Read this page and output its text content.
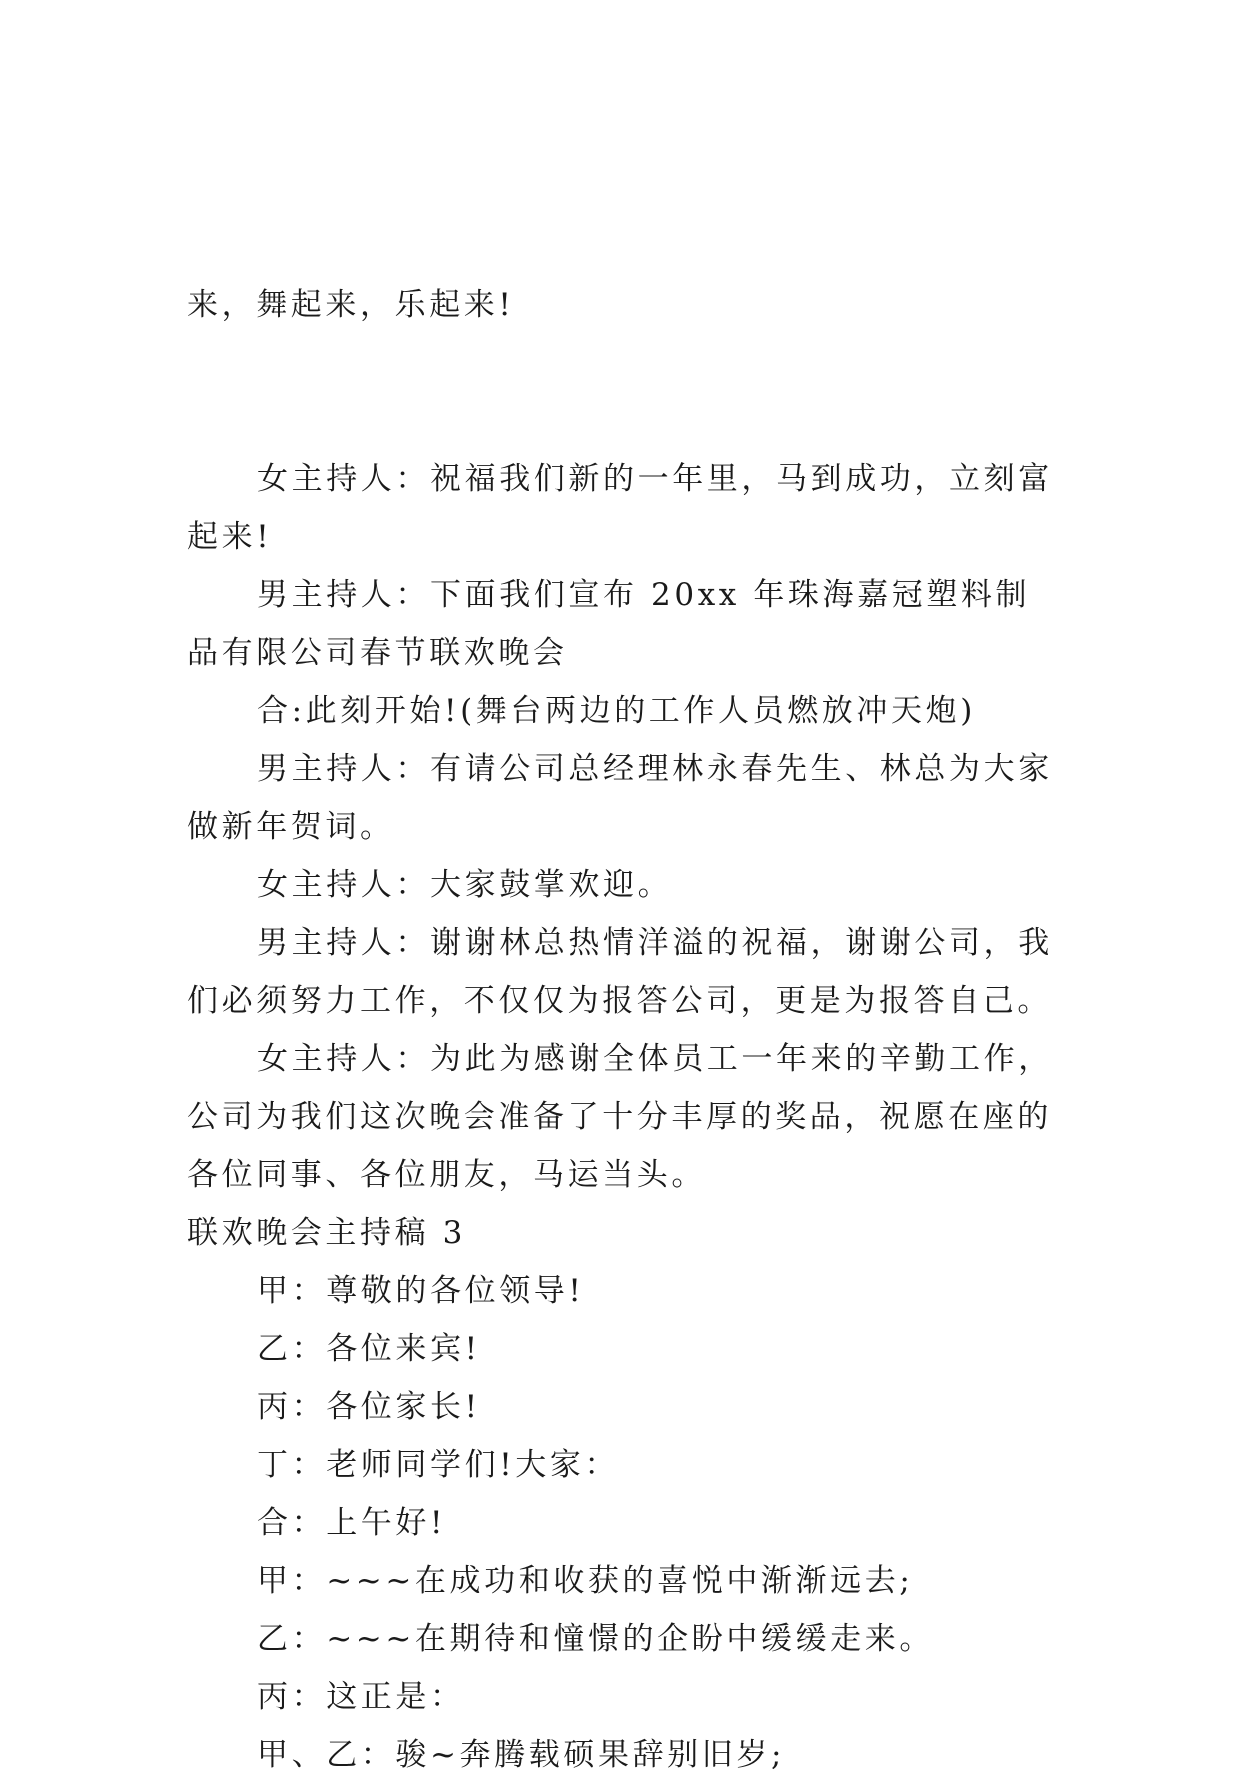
来，舞起来，乐起来!

女主持人：祝福我们新的一年里，马到成功，立刻富起来!

男主持人：下面我们宣布 20xx 年珠海嘉冠塑料制品有限公司春节联欢晚会

合:此刻开始!(舞台两边的工作人员燃放冲天炮)

男主持人：有请公司总经理林永春先生、林总为大家做新年贺词。

女主持人：大家鼓掌欢迎。

男主持人：谢谢林总热情洋溢的祝福，谢谢公司，我们必须努力工作，不仅仅为报答公司，更是为报答自己。

女主持人：为此为感谢全体员工一年来的辛勤工作，公司为我们这次晚会准备了十分丰厚的奖品，祝愿在座的各位同事、各位朋友，马运当头。

联欢晚会主持稿 3

甲：尊敬的各位领导!

乙：各位来宾!

丙：各位家长!

丁：老师同学们!大家：

合：上午好!

甲：~~~在成功和收获的喜悦中渐渐远去;

乙：~~~在期待和憧憬的企盼中缓缓走来。

丙：这正是：

甲、乙：骏~奔腾载硕果辞别旧岁;
